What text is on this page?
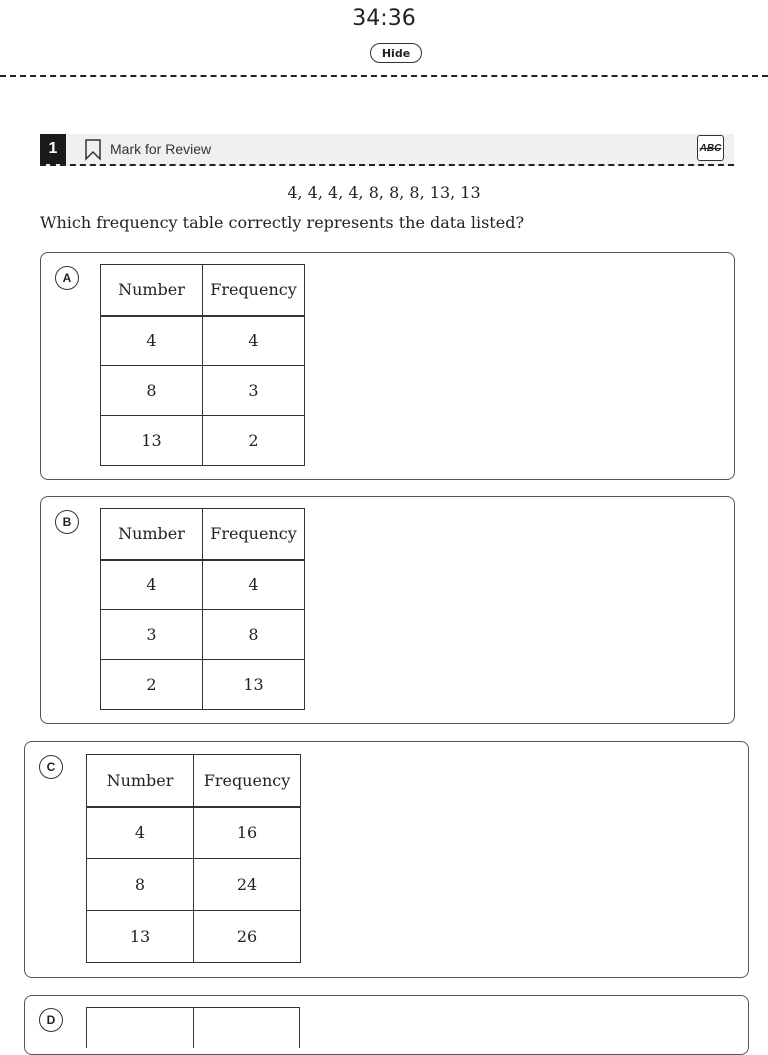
34:36
Hide
1	Mark for Review	ABC
4, 4, 4, 4, 8, 8, 8, 13, 13
Which frequency table correctly represents the data listed?
A
Number	Frequency
4	4
8	3
13	2
B
Number	Frequency
4	4
3	8
2	13
C
Number	Frequency
4	16
8	24
13	26
D
